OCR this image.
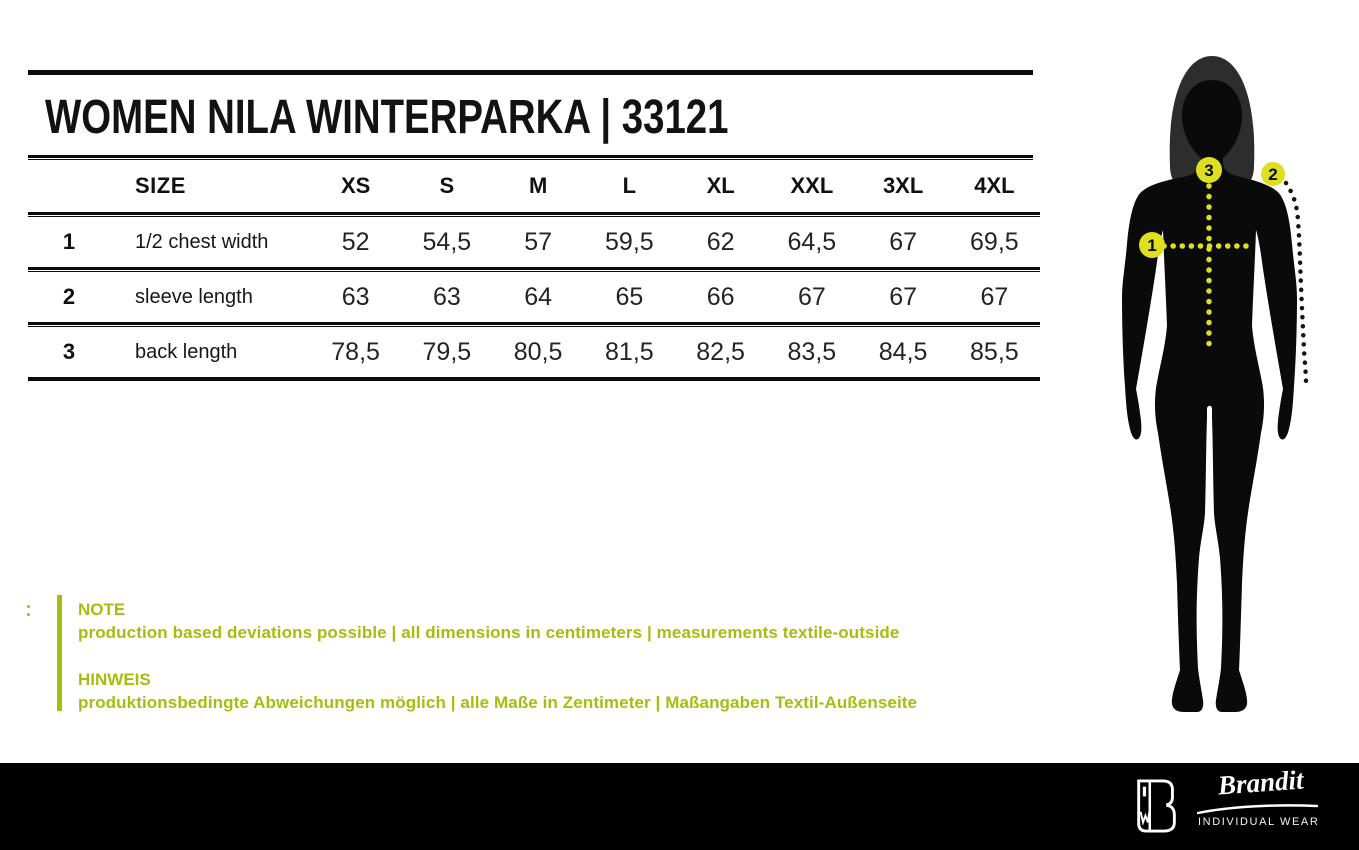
WOMEN NILA WINTERPARKA | 33121
SIZE	XS	S	M	L	XL	XXL	3XL	4XL
1	1/2 chest width	52	54,5	57	59,5	62	64,5	67	69,5
2	sleeve length	63	63	64	65	66	67	67	67
3	back length	78,5	79,5	80,5	81,5	82,5	83,5	84,5	85,5
NOTE
production based deviations possible | all dimensions in centimeters | measurements textile-outside
HINWEIS
produktionsbedingte Abweichungen möglich | alle Maße in Zentimeter | Maßangaben Textil-Außenseite
1
2
3
Brandit
INDIVIDUAL WEAR
